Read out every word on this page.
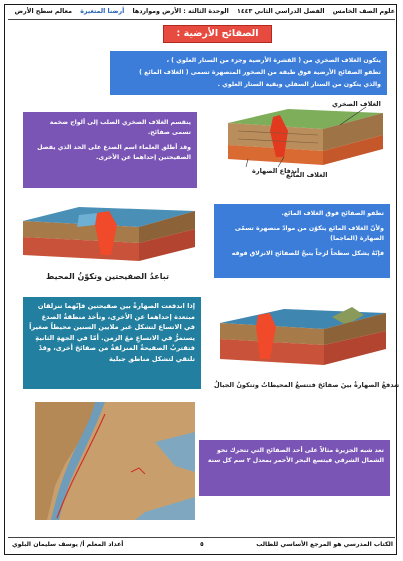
علوم الصف الخامس الفصل الدراسي الثاني ١٤٤٣ الوحدة الثالثة : الأرض ومواردها أرضنا المتغيرة معالم سطح الأرض
الصفائح الأرضية :

يتكون الغلاف الصخري من ( القشرة الأرضية وجزء من الستار العلوي ) ،

تطفو الصفائح الأرضية فوق طبقة من الصخور المنصهرة تسمى ( الغلاف المائع )

والذي يتكون من الستار السفلي وبقية الستار العلوي .

الغلاف الصخري
اندفاع الصهارة
الغلاف المائع

ينقسم الغلاف الصخري الصلب إلى ألواح ضخمة تسمى صفائح.

وقد أطلق العلماء اسم الصدع على الحد الذي يفصل الصفيحتين إحداهما عن الأخرى.

تباعدُ الصفيحتين وتكوّنُ المحيط

تطفو الصفائح فوق الغلاف المائع.

ولأنّ الغلاف المائع يتكوّن من موادّ منصهرة تسمّى الصهارة (الماجما)

فإنّهُ يشكل سطحاً لزجاً يتيحُ للصفائح الانزلاق فوقه

إذا اندفعت الصهارةُ بين صفيحتين فإنّهما تنزلقان مبتعدة إحداهما عن الأخرى، وتأخذ منطقةُ الصدع في الاتساع لتشكل عبر ملايين السنين محيطاً صغيراً يستمرُّ في الاتساعِ معَ الزمن. أمّا في الجهةِ الثانيةِ فتقتربُ الصفيحةُ المنزلقةُ من صفائحَ أخرى، وقدْ تلتقي لتشكل مناطق جبلية

تندفعُ الصهارةُ بينَ صفائحَ فتتسعُ المحيطاتُ وتتكونُ الجبالُ

تعد شبه الجزيرة مثالاً على أحد الصفائح التي تتحرك نحو الشمال الشرقي فيتسع البحر الأحمر بمعدل ٢ سم كل سنة

الكتاب المدرسي هو المرجع الأساسي للطالب
٥
أعداد المعلم أ/ يوسف سليمان البلوي
